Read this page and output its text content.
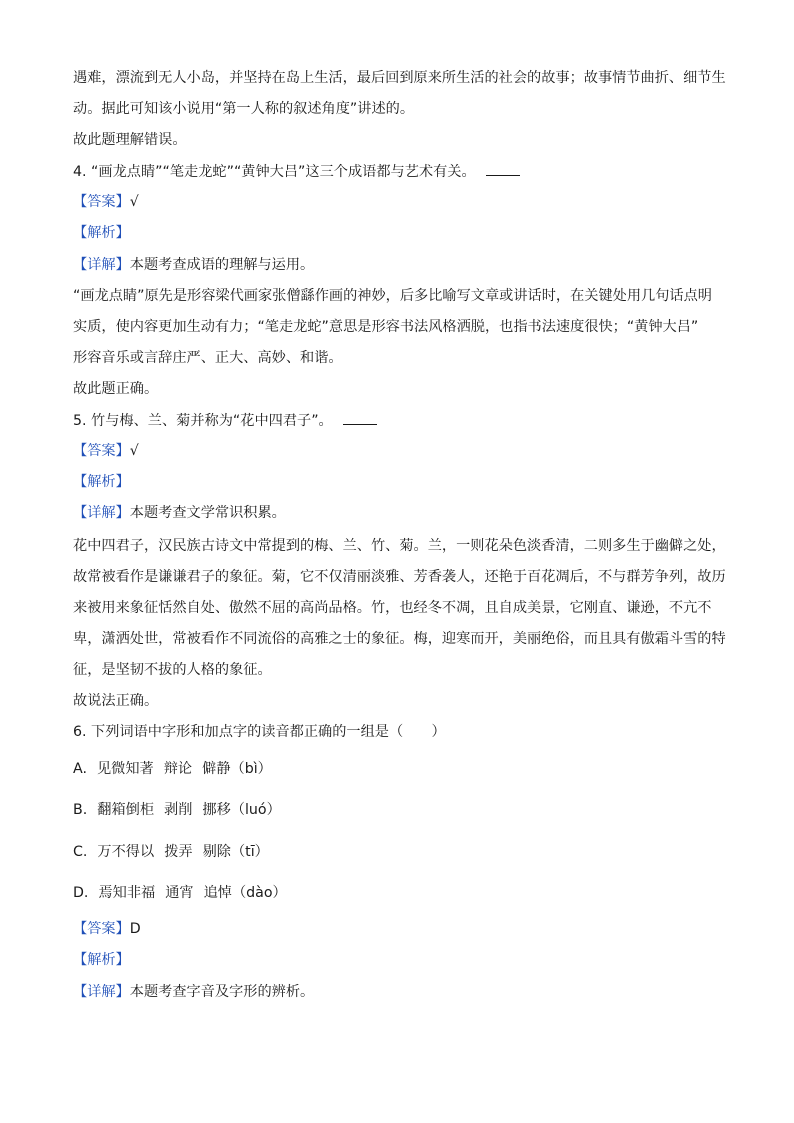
遇难，漂流到无人小岛，并坚持在岛上生活，最后回到原来所生活的社会的故事；故事情节曲折、细节生
动。据此可知该小说用“第一人称的叙述角度”讲述的。
故此题理解错误。
4. “画龙点睛”“笔走龙蛇”“黄钟大吕”这三个成语都与艺术有关。
【答案】√
【解析】
【详解】本题考查成语的理解与运用。
“画龙点睛”原先是形容梁代画家张僧繇作画的神妙，后多比喻写文章或讲话时，在关键处用几句话点明
实质，使内容更加生动有力；“笔走龙蛇”意思是形容书法风格洒脱，也指书法速度很快；“黄钟大吕”
形容音乐或言辞庄严、正大、高妙、和谐。
故此题正确。
5. 竹与梅、兰、菊并称为“花中四君子”。
【答案】√
【解析】
【详解】本题考查文学常识积累。
花中四君子，汉民族古诗文中常提到的梅、兰、竹、菊。兰，一则花朵色淡香清，二则多生于幽僻之处，
故常被看作是谦谦君子的象征。菊，它不仅清丽淡雅、芳香袭人，还艳于百花凋后，不与群芳争列，故历
来被用来象征恬然自处、傲然不屈的高尚品格。竹，也经冬不凋，且自成美景，它刚直、谦逊，不亢不
卑，潇洒处世，常被看作不同流俗的高雅之士的象征。梅，迎寒而开，美丽绝俗，而且具有傲霜斗雪的特
征，是坚韧不拔的人格的象征。
故说法正确。
6. 下列词语中字形和加点字的读音都正确的一组是（　　）
A. 见微知著 辩论 僻静（bì）
B. 翻箱倒柜 剥削 挪移（luó）
C. 万不得以 拨弄 剔除（tī）
D. 焉知非福 通宵 追悼（dào）
【答案】D
【解析】
【详解】本题考查字音及字形的辨析。
